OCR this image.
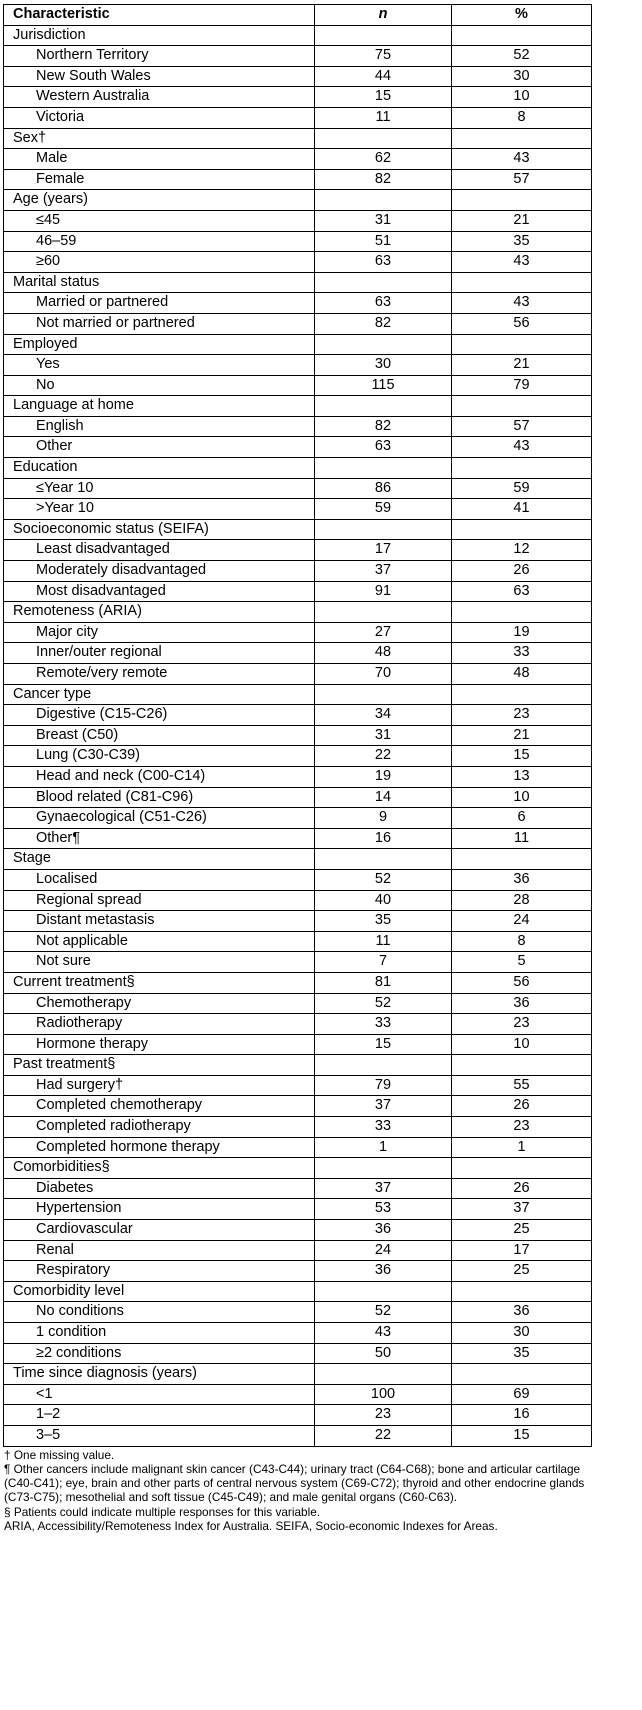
Characteristic	n	%
Jurisdiction		
Northern Territory	75	52
New South Wales	44	30
Western Australia	15	10
Victoria	11	8
Sex†		
Male	62	43
Female	82	57
Age (years)		
≤45	31	21
46–59	51	35
≥60	63	43
Marital status		
Married or partnered	63	43
Not married or partnered	82	56
Employed		
Yes	30	21
No	115	79
Language at home		
English	82	57
Other	63	43
Education		
≤Year 10	86	59
>Year 10	59	41
Socioeconomic status (SEIFA)		
Least disadvantaged	17	12
Moderately disadvantaged	37	26
Most disadvantaged	91	63
Remoteness (ARIA)		
Major city	27	19
Inner/outer regional	48	33
Remote/very remote	70	48
Cancer type		
Digestive (C15-C26)	34	23
Breast (C50)	31	21
Lung (C30-C39)	22	15
Head and neck (C00-C14)	19	13
Blood related (C81-C96)	14	10
Gynaecological (C51-C26)	9	6
Other¶	16	11
Stage		
Localised	52	36
Regional spread	40	28
Distant metastasis	35	24
Not applicable	11	8
Not sure	7	5
Current treatment§	81	56
Chemotherapy	52	36
Radiotherapy	33	23
Hormone therapy	15	10
Past treatment§		
Had surgery†	79	55
Completed chemotherapy	37	26
Completed radiotherapy	33	23
Completed hormone therapy	1	1
Comorbidities§		
Diabetes	37	26
Hypertension	53	37
Cardiovascular	36	25
Renal	24	17
Respiratory	36	25
Comorbidity level		
No conditions	52	36
1 condition	43	30
≥2 conditions	50	35
Time since diagnosis (years)		
<1	100	69
1–2	23	16
3–5	22	15
† One missing value.
¶ Other cancers include malignant skin cancer (C43-C44); urinary tract (C64-C68); bone and articular cartilage (C40-C41); eye, brain and other parts of central nervous system (C69-C72); thyroid and other endocrine glands (C73-C75); mesothelial and soft tissue (C45-C49); and male genital organs (C60-C63).
§ Patients could indicate multiple responses for this variable.
ARIA, Accessibility/Remoteness Index for Australia. SEIFA, Socio-economic Indexes for Areas.
